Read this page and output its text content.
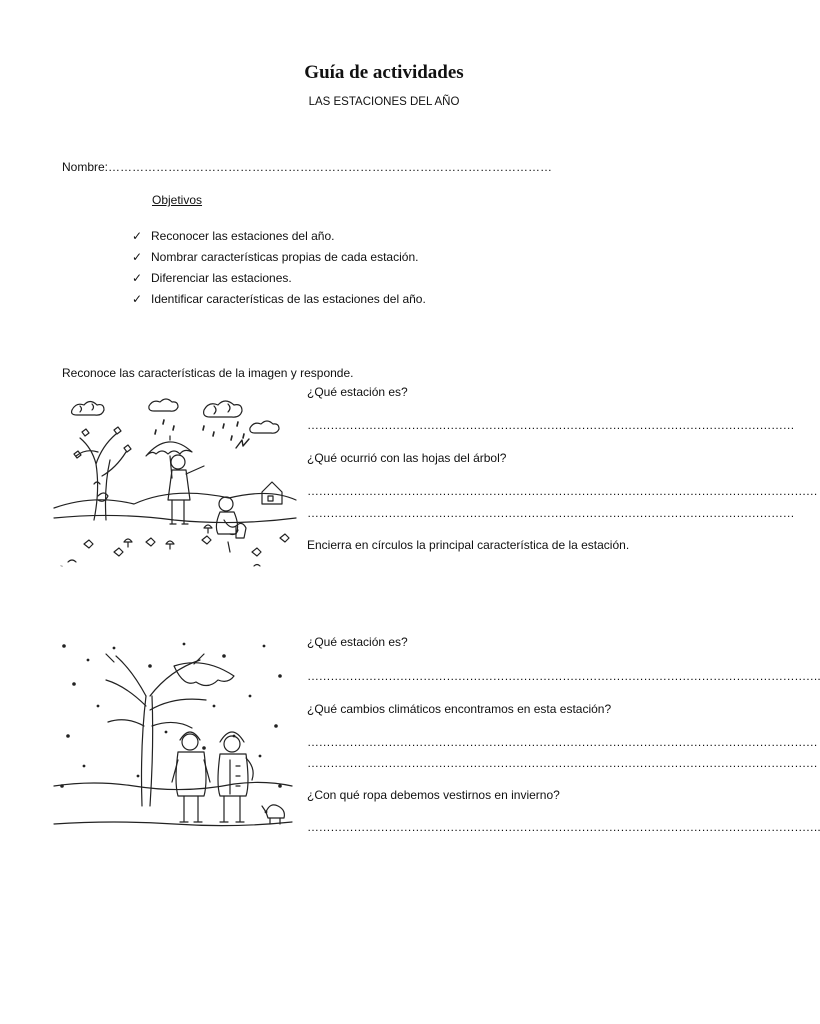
Guía de actividades
LAS ESTACIONES DEL AÑO
Nombre:…………………………………………………………………………………………………
Objetivos
✓ Reconocer las estaciones del año.
✓ Nombrar características propias de cada estación.
✓ Diferenciar las estaciones.
✓ Identificar características de las estaciones del año.
Reconoce las características de la imagen y responde.
~
¿Qué estación es?
………………………………………………………………………………………………………………
¿Qué ocurrió con las hojas del árbol?
……………………………………………………………………………………………………………………
………………………………………………………………………………………………………………
Encierra en círculos la principal característica de la estación.
¿Qué estación es?
…………………………………………………………………………………………………………………….
¿Qué cambios climáticos encontramos en esta estación?
……………………………………………………………………………………………………………………
……………………………………………………………………………………………………………………
¿Con qué ropa debemos vestirnos en invierno?
…………………………………………………………………………………………………………………….
